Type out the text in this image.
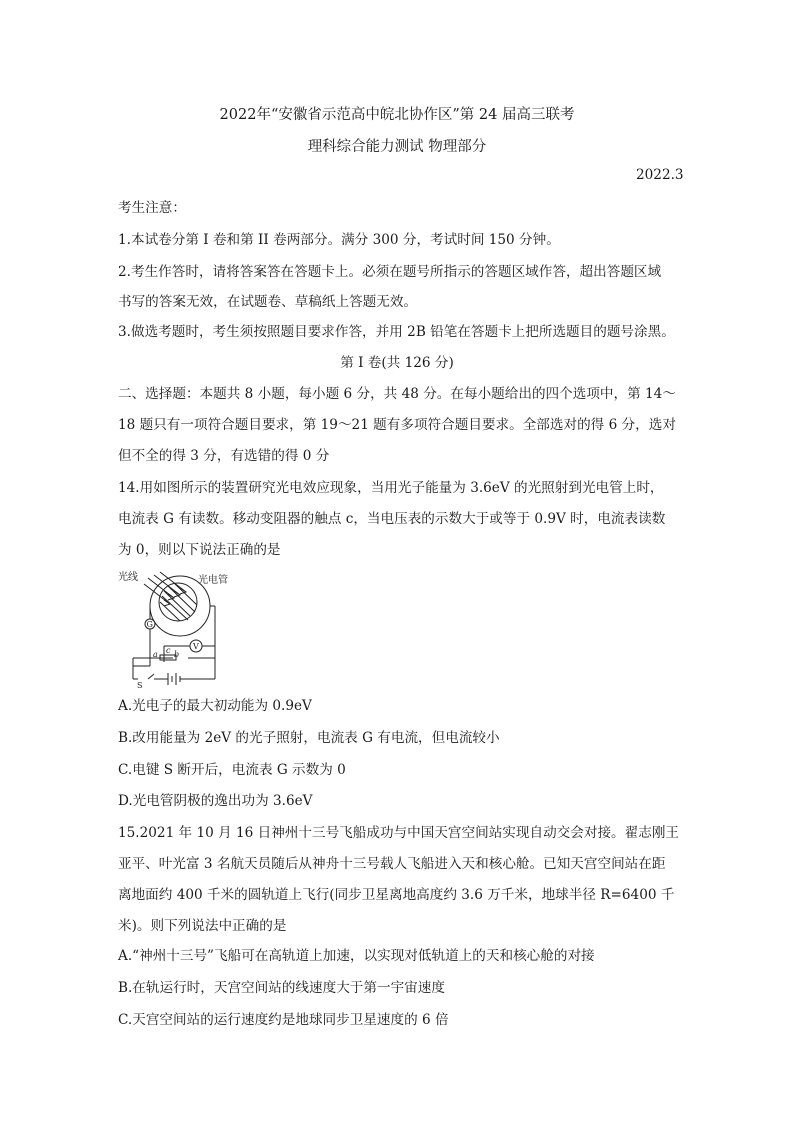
2022年“安徽省示范高中皖北协作区”第 24 届高三联考
理科综合能力测试 物理部分
2022.3
考生注意：
1.本试卷分第 I 卷和第 II 卷两部分。满分 300 分，考试时间 150 分钟。
2.考生作答时，请将答案答在答题卡上。必须在题号所指示的答题区域作答，超出答题区域
书写的答案无效，在试题卷、草稿纸上答题无效。
3.做选考题时，考生须按照题目要求作答，并用 2B 铅笔在答题卡上把所选题目的题号涂黑。
第 I 卷(共 126 分)
二、选择题：本题共 8 小题，每小题 6 分，共 48 分。在每小题给出的四个选项中，第 14～
18 题只有一项符合题目要求，第 19～21 题有多项符合题目要求。全部选对的得 6 分，选对
但不全的得 3 分，有选错的得 0 分
14.用如图所示的装置研究光电效应现象，当用光子能量为 3.6eV 的光照射到光电管上时，
电流表 G 有读数。移动变阻器的触点 c，当电压表的示数大于或等于 0.9V 时，电流表读数
为 0，则以下说法正确的是
光线	光电管
G
V
a b
c
S
A.光电子的最大初动能为 0.9eV
B.改用能量为 2eV 的光子照射，电流表 G 有电流，但电流较小
C.电键 S 断开后，电流表 G 示数为 0
D.光电管阴极的逸出功为 3.6eV
15.2021 年 10 月 16 日神州十三号飞船成功与中国天宫空间站实现自动交会对接。翟志刚王
亚平、叶光富 3 名航天员随后从神舟十三号载人飞船进入天和核心舱。已知天宫空间站在距
离地面约 400 千米的圆轨道上飞行(同步卫星离地高度约 3.6 万千米，地球半径 R=6400 千
米)。则下列说法中正确的是
A.“神州十三号”飞船可在高轨道上加速，以实现对低轨道上的天和核心舱的对接
B.在轨运行时，天宫空间站的线速度大于第一宇宙速度
C.天宫空间站的运行速度约是地球同步卫星速度的 6 倍
